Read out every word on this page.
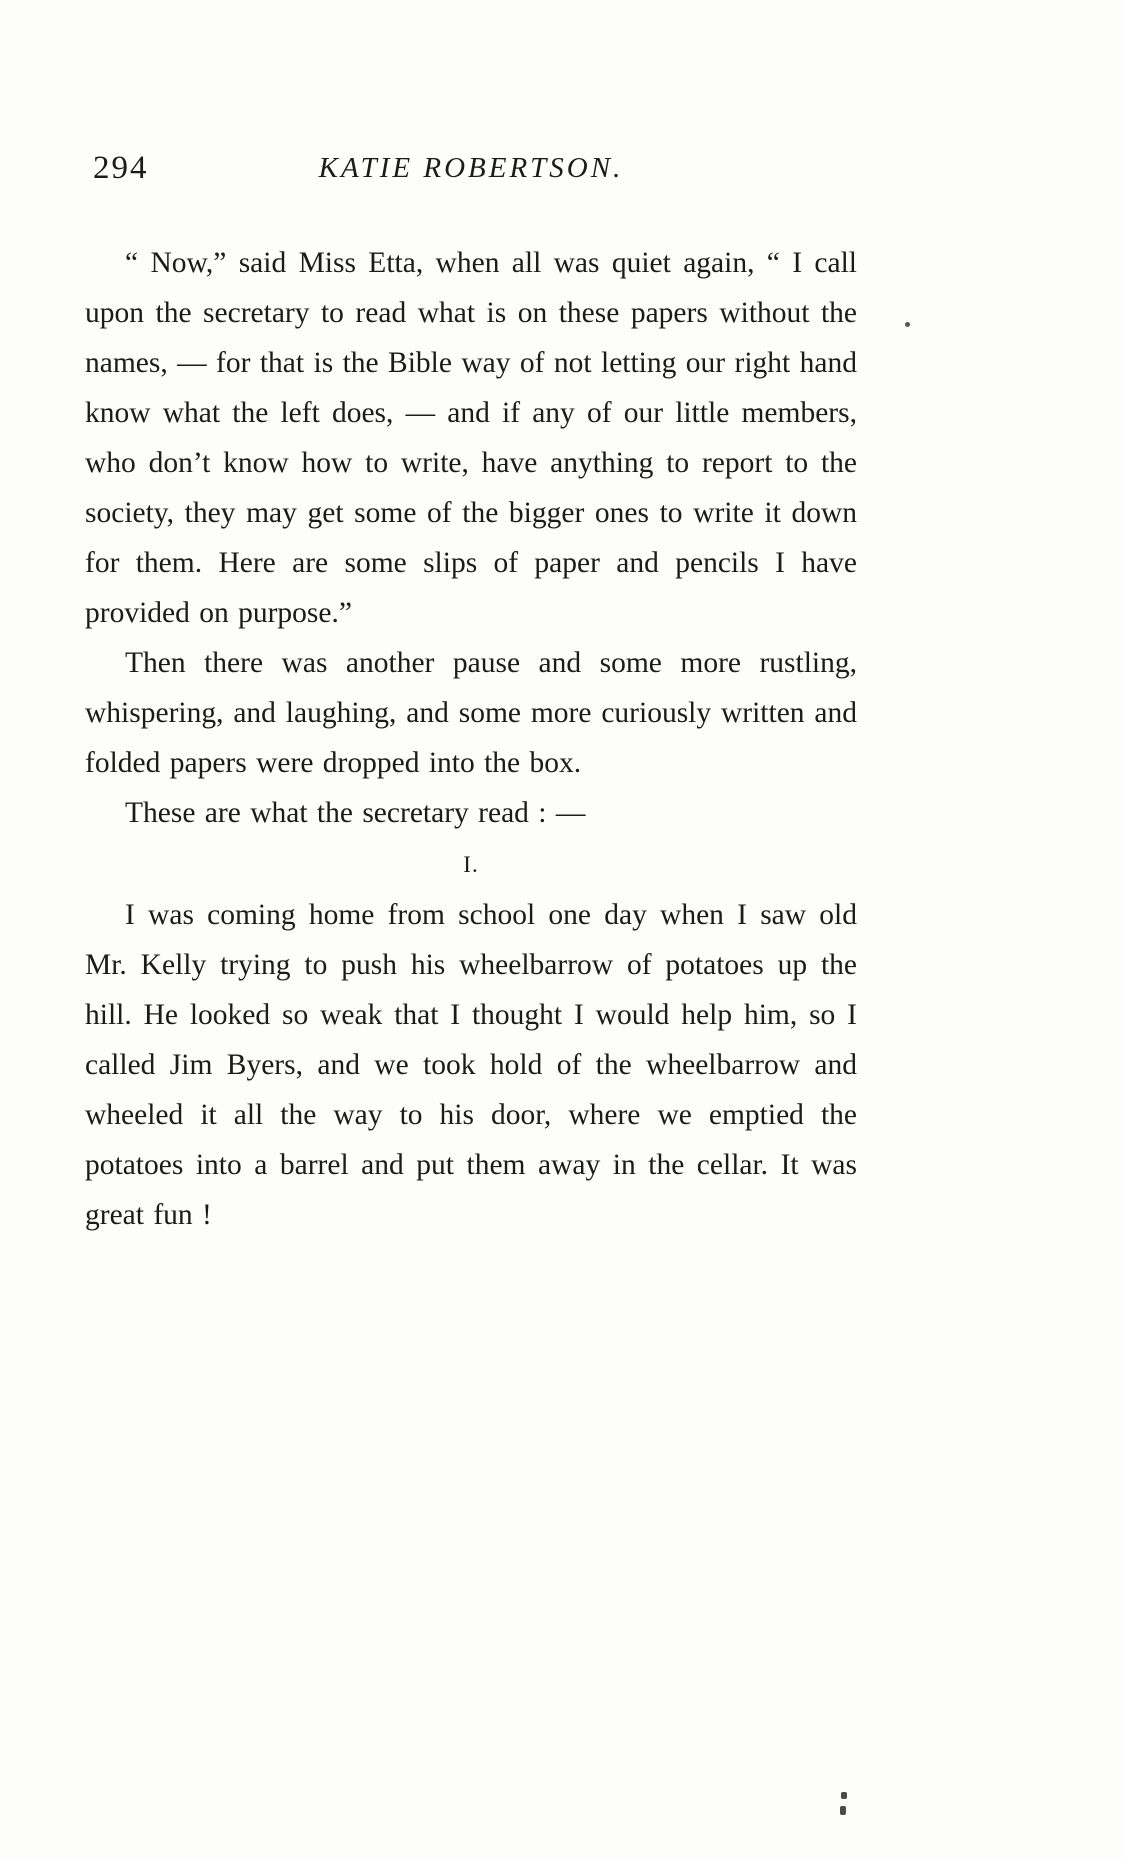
294	KATIE ROBERTSON.

“ Now,” said Miss Etta, when all was quiet again, “ I call upon the secretary to read what is on these papers without the names, — for that is the Bible way of not letting our right hand know what the left does, — and if any of our little members, who don’t know how to write, have anything to report to the society, they may get some of the bigger ones to write it down for them. Here are some slips of paper and pencils I have provided on purpose.”

Then there was another pause and some more rustling, whispering, and laughing, and some more curiously written and folded papers were dropped into the box.

These are what the secretary read : —

I.

I was coming home from school one day when I saw old Mr. Kelly trying to push his wheelbarrow of potatoes up the hill. He looked so weak that I thought I would help him, so I called Jim Byers, and we took hold of the wheelbarrow and wheeled it all the way to his door, where we emptied the potatoes into a barrel and put them away in the cellar. It was great fun !
